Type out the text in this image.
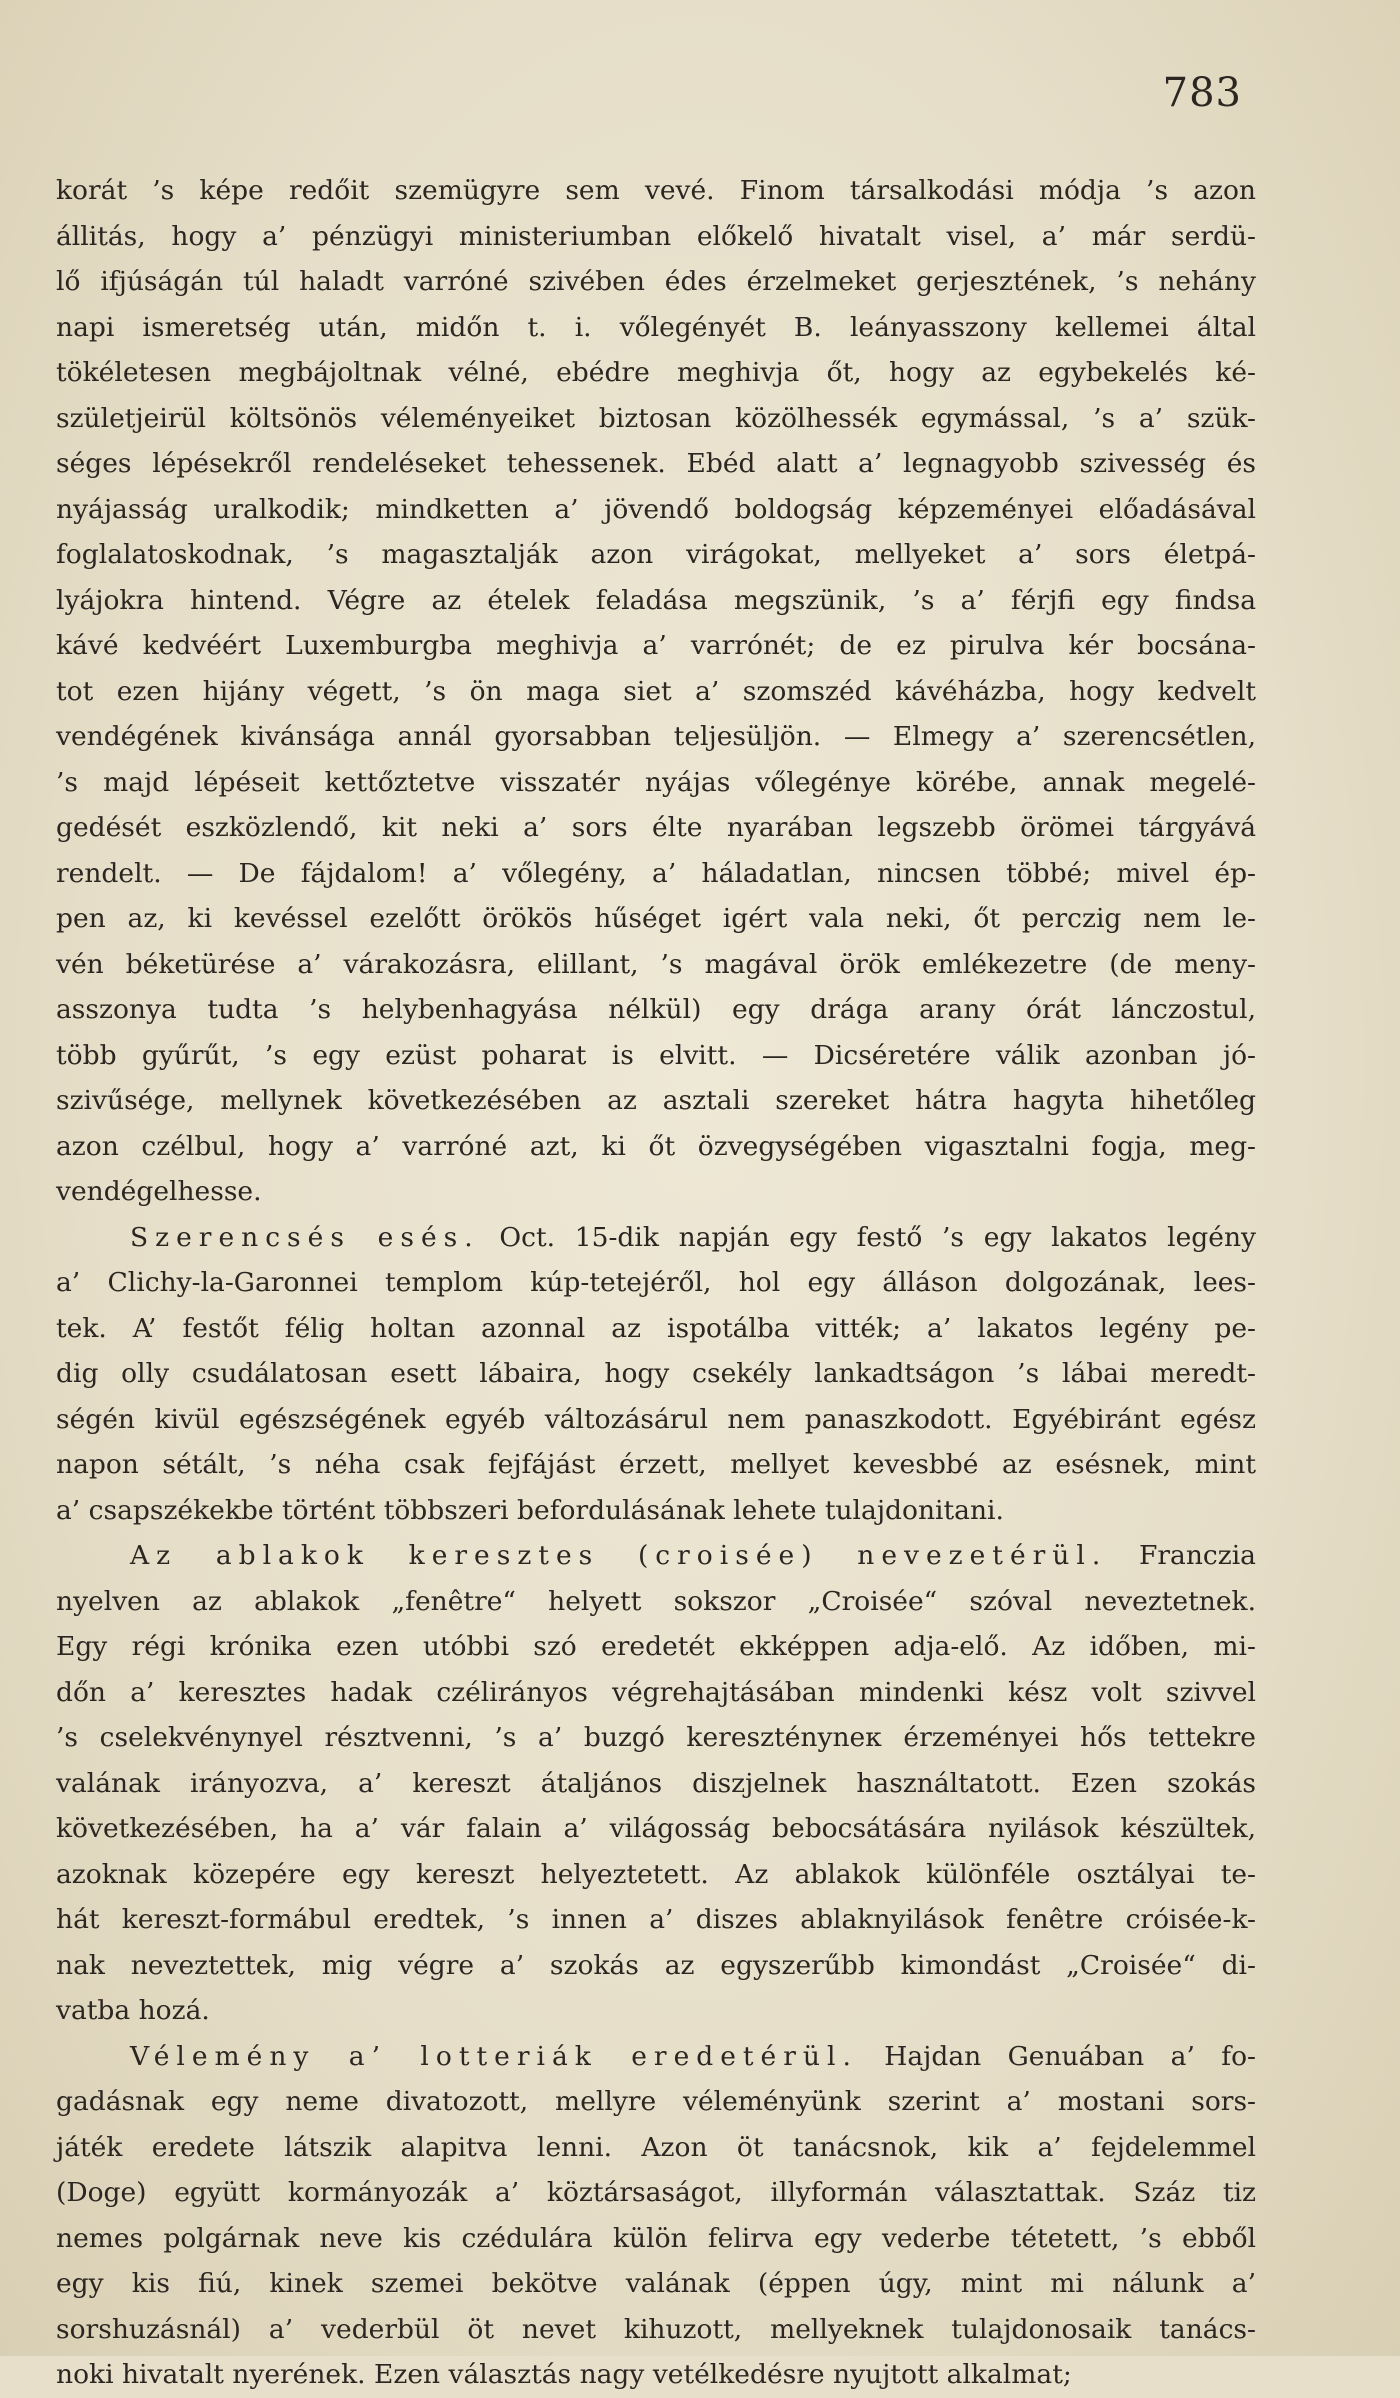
783
korát ’s képe redőit szemügyre sem vevé. Finom társalkodási módja ’s azon
állitás, hogy a’ pénzügyi ministeriumban előkelő hivatalt visel, a’ már serdü-
lő ifjúságán túl haladt varróné szivében édes érzelmeket gerjesztének, ’s nehány
napi ismeretség után, midőn t. i. vőlegényét B. leányasszony kellemei által
tökéletesen megbájoltnak vélné, ebédre meghivja őt, hogy az egybekelés ké-
születjeirül költsönös véleményeiket biztosan közölhessék egymással, ’s a’ szük-
séges lépésekről rendeléseket tehessenek. Ebéd alatt a’ legnagyobb szivesség és
nyájasság uralkodik; mindketten a’ jövendő boldogság képzeményei előadásával
foglalatoskodnak, ’s magasztalják azon virágokat, mellyeket a’ sors életpá-
lyájokra hintend. Végre az ételek feladása megszünik, ’s a’ férjfi egy findsa
kávé kedvéért Luxemburgba meghivja a’ varrónét; de ez pirulva kér bocsána-
tot ezen hijány végett, ’s ön maga siet a’ szomszéd kávéházba, hogy kedvelt
vendégének kivánsága annál gyorsabban teljesüljön. — Elmegy a’ szerencsétlen,
’s majd lépéseit kettőztetve visszatér nyájas vőlegénye körébe, annak megelé-
gedését eszközlendő, kit neki a’ sors élte nyarában legszebb örömei tárgyává
rendelt. — De fájdalom! a’ vőlegény, a’ háladatlan, nincsen többé; mivel ép-
pen az, ki kevéssel ezelőtt örökös hűséget igért vala neki, őt perczig nem le-
vén béketürése a’ várakozásra, elillant, ’s magával örök emlékezetre (de meny-
asszonya tudta ’s helybenhagyása nélkül) egy drága arany órát lánczostul,
több gyűrűt, ’s egy ezüst poharat is elvitt. — Dicséretére válik azonban jó-
szivűsége, mellynek következésében az asztali szereket hátra hagyta hihetőleg
azon czélbul, hogy a’ varróné azt, ki őt özvegységében vigasztalni fogja, meg-
vendégelhesse.
Szerencsés esés. Oct. 15-dik napján egy festő ’s egy lakatos legény
a’ Clichy-la-Garonnei templom kúp-tetejéről, hol egy álláson dolgozának, lees-
tek. A’ festőt félig holtan azonnal az ispotálba vitték; a’ lakatos legény pe-
dig olly csudálatosan esett lábaira, hogy csekély lankadtságon ’s lábai meredt-
ségén kivül egészségének egyéb változásárul nem panaszkodott. Egyébiránt egész
napon sétált, ’s néha csak fejfájást érzett, mellyet kevesbbé az esésnek, mint
a’ csapszékekbe történt többszeri befordulásának lehete tulajdonitani.
Az ablakok keresztes (croisée) nevezetérül. Franczia
nyelven az ablakok „fenêtre“ helyett sokszor „Croisée“ szóval neveztetnek.
Egy régi krónika ezen utóbbi szó eredetét ekképpen adja-elő. Az időben, mi-
dőn a’ keresztes hadak czélirányos végrehajtásában mindenki kész volt szivvel
’s cselekvénynyel résztvenni, ’s a’ buzgó keresztényneк érzeményei hős tettekre
valának irányozva, a’ kereszt átaljános diszjelnek használtatott. Ezen szokás
következésében, ha a’ vár falain a’ világosság bebocsátására nyilások készültek,
azoknak közepére egy kereszt helyeztetett. Az ablakok különféle osztályai te-
hát kereszt-formábul eredtek, ’s innen a’ diszes ablaknyilások fenêtre cróisée-k-
nak neveztettek, mig végre a’ szokás az egyszerűbb kimondást „Croisée“ di-
vatba hozá.
Vélemény a’ lotteriák eredetérül. Hajdan Genuában a’ fo-
gadásnak egy neme divatozott, mellyre véleményünk szerint a’ mostani sors-
játék eredete látszik alapitva lenni. Azon öt tanácsnok, kik a’ fejdelemmel
(Doge) együtt kormányozák a’ köztársaságot, illyformán választattak. Száz tiz
nemes polgárnak neve kis czédulára külön felirva egy vederbe tétetett, ’s ebből
egy kis fiú, kinek szemei bekötve valának (éppen úgy, mint mi nálunk a’
sorshuzásnál) a’ vederbül öt nevet kihuzott, mellyeknek tulajdonosaik tanács-
noki hivatalt nyerének. Ezen választás nagy vetélkedésre nyujtott alkalmat;
